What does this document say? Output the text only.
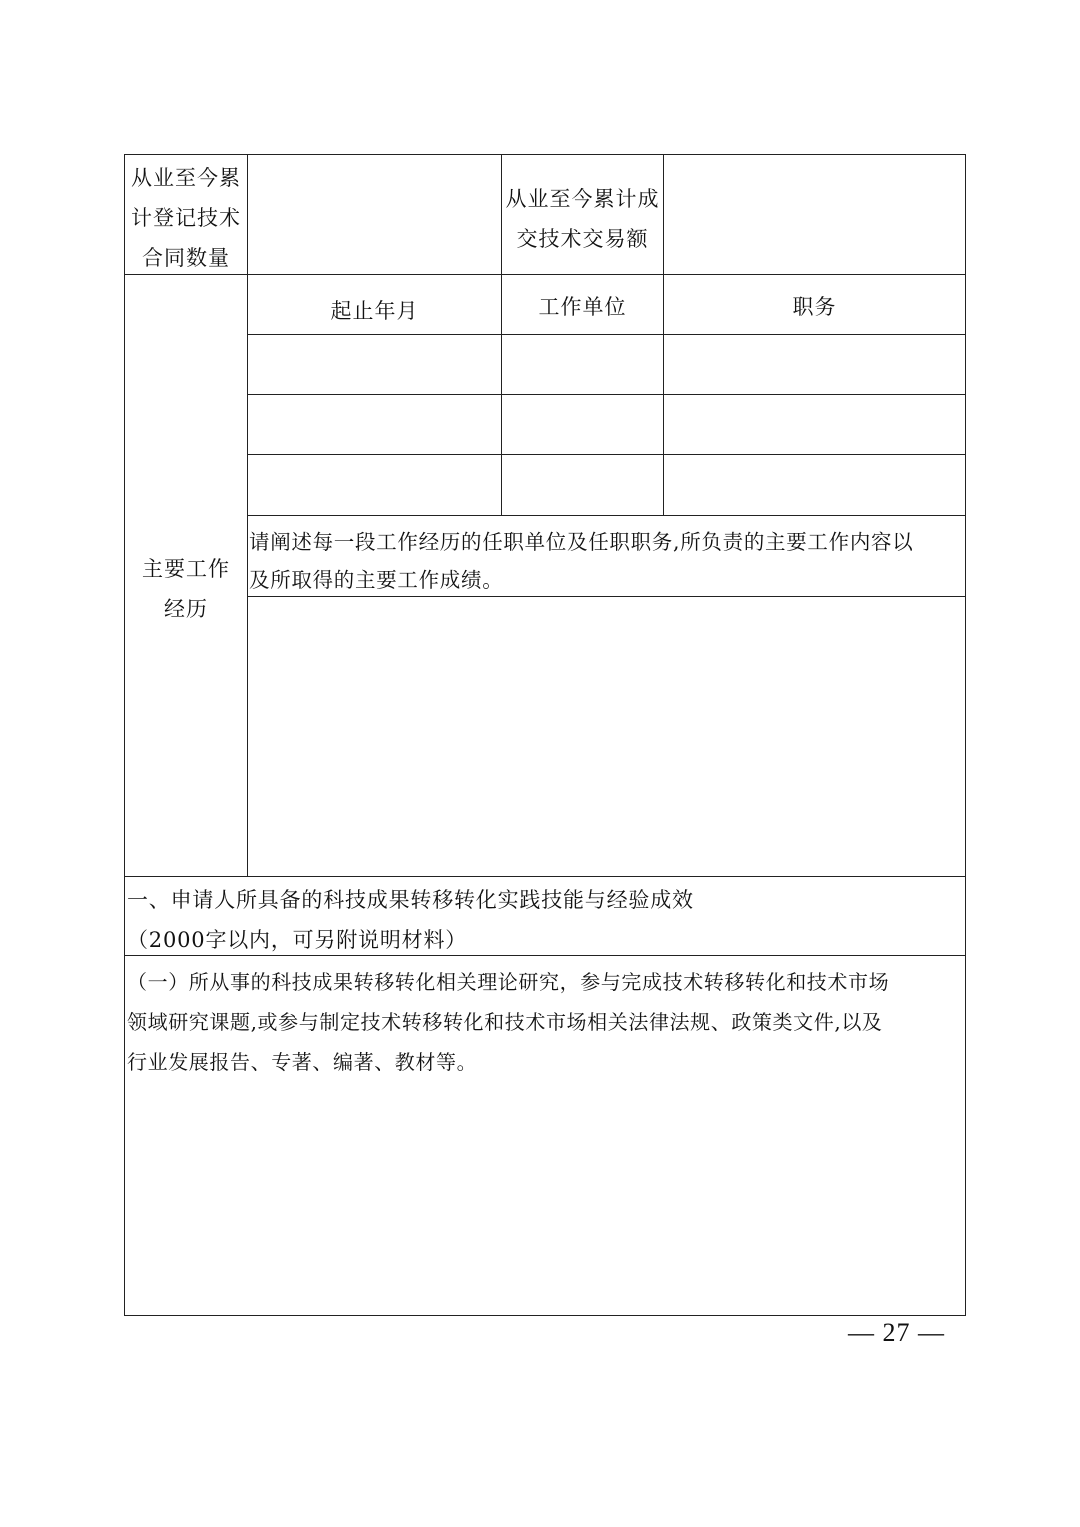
从业至今累
计登记技术
合同数量
从业至今累计成
交技术交易额
主要工作
经历
起止年月	工作单位	职务
请阐述每一段工作经历的任职单位及任职职务,所负责的主要工作内容以
及所取得的主要工作成绩。
一、申请人所具备的科技成果转移转化实践技能与经验成效
（2000字以内，可另附说明材料）
（一）所从事的科技成果转移转化相关理论研究，参与完成技术转移转化和技术市场
领域研究课题,或参与制定技术转移转化和技术市场相关法律法规、政策类文件,以及
行业发展报告、专著、编著、教材等。
— 27 —
